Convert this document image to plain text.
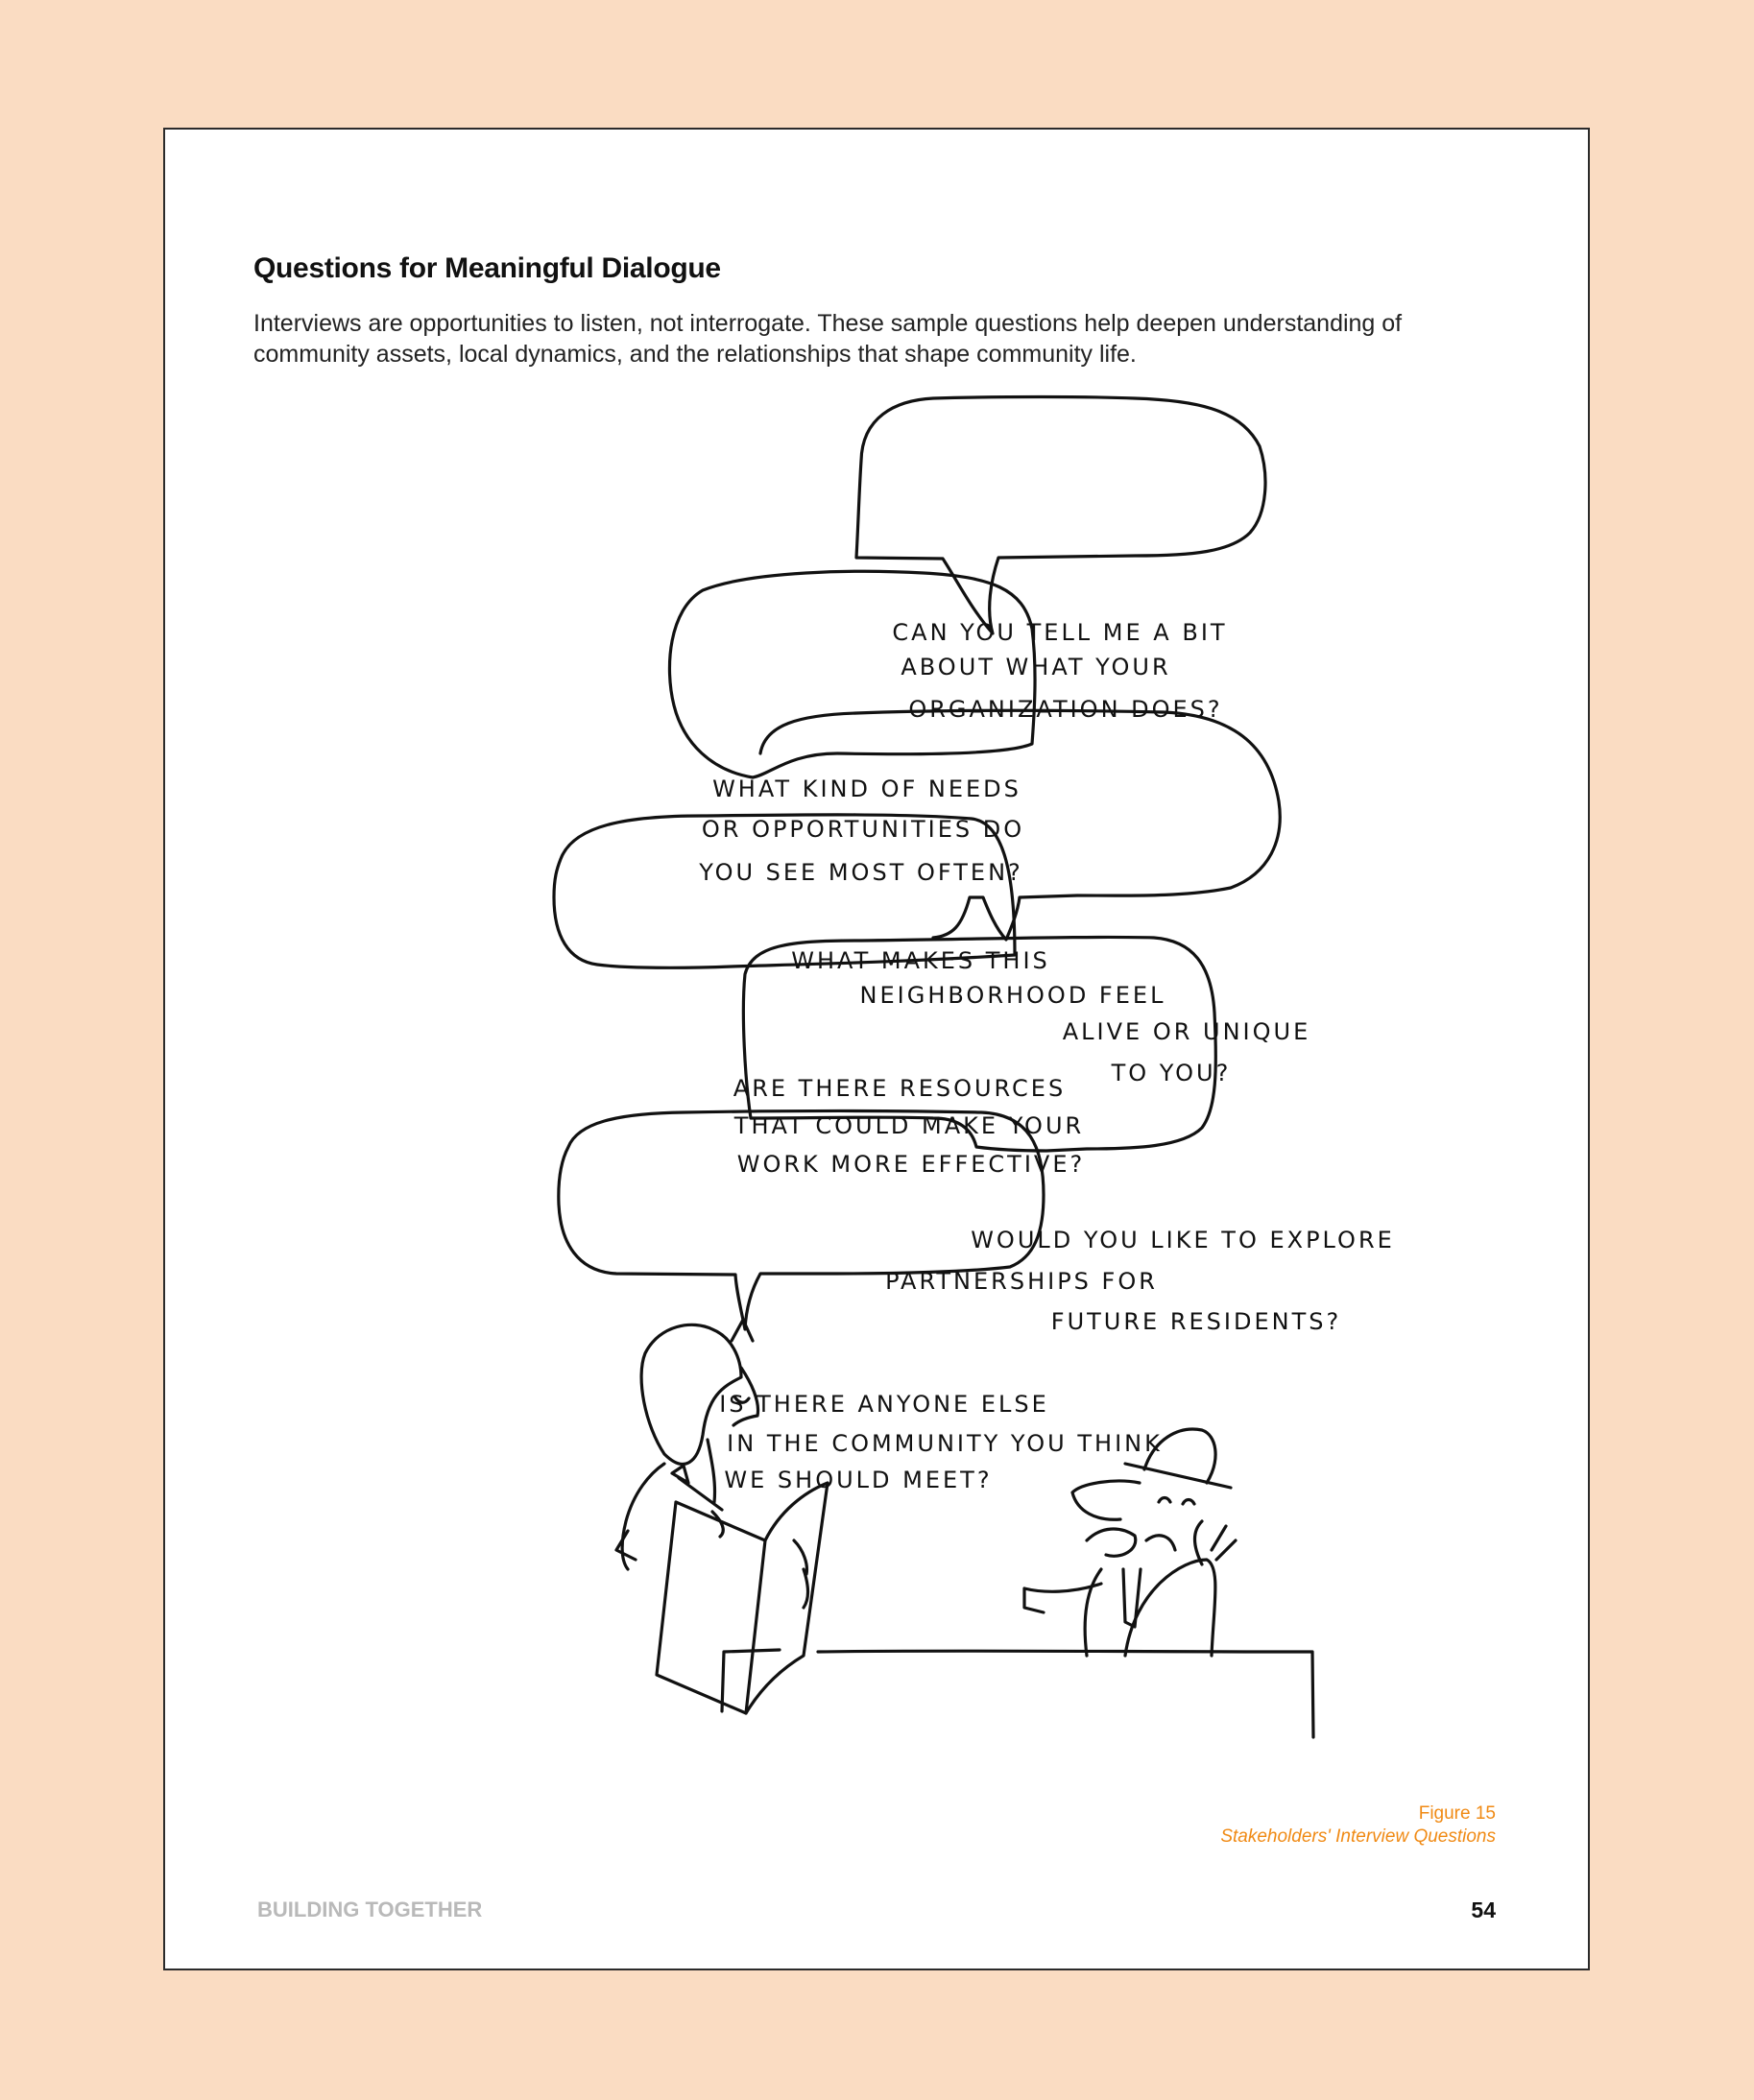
Questions for Meaningful Dialogue
Interviews are opportunities to listen, not interrogate. These sample questions help deepen understanding of community assets, local dynamics, and the relationships that shape community life.
CAN YOU TELL ME A BIT
ABOUT WHAT YOUR
ORGANIZATION DOES?
WHAT KIND OF NEEDS
OR OPPORTUNITIES DO
YOU SEE MOST OFTEN?
WHAT MAKES THIS
NEIGHBORHOOD FEEL
ALIVE OR UNIQUE
TO YOU?
ARE THERE RESOURCES
THAT COULD MAKE YOUR
WORK MORE EFFECTIVE?
WOULD YOU LIKE TO EXPLORE
PARTNERSHIPS FOR
FUTURE RESIDENTS?
IS THERE ANYONE ELSE
IN THE COMMUNITY YOU THINK
WE SHOULD MEET?
Figure 15
Stakeholders' Interview Questions
BUILDING TOGETHER	54
